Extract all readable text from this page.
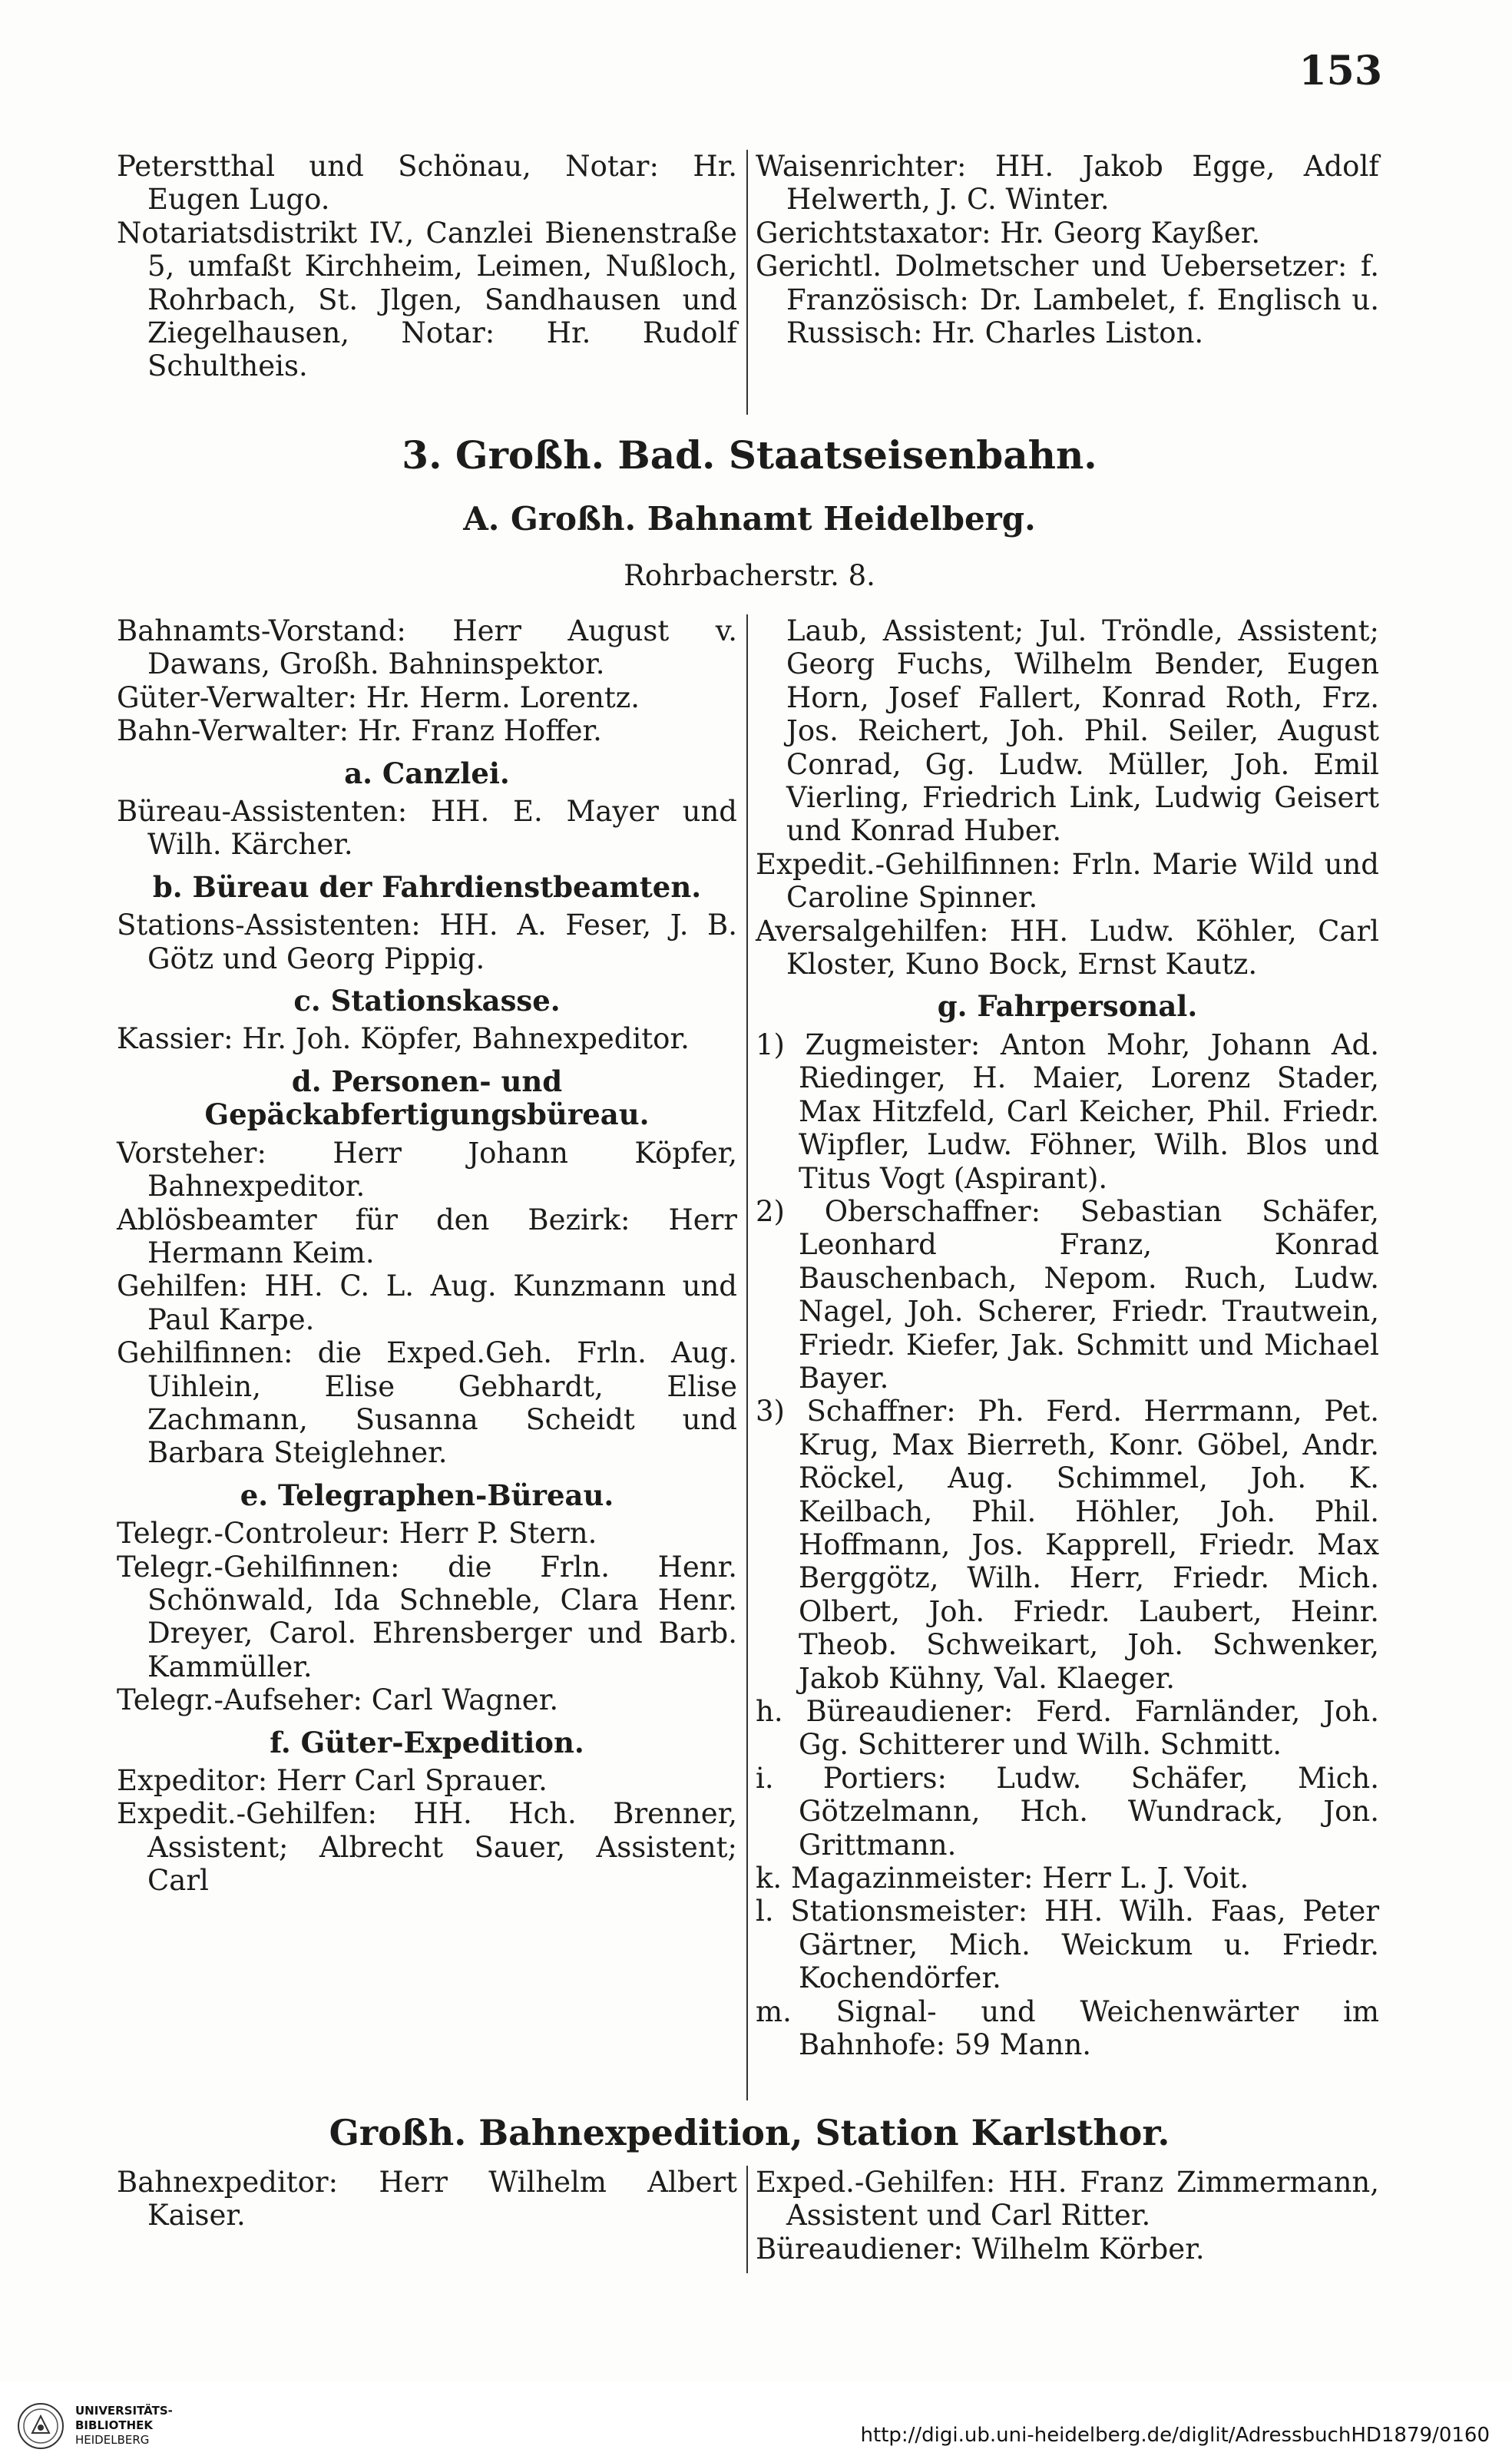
153

Peterstthal und Schönau, Notar: Hr. Eugen Lugo.

Notariatsdistrikt IV., Canzlei Bienenstraße 5, umfaßt Kirchheim, Leimen, Nußloch, Rohrbach, St. Jlgen, Sandhausen und Ziegelhausen, Notar: Hr. Rudolf Schultheis.

Waisenrichter: HH. Jakob Egge, Adolf Helwerth, J. C. Winter.

Gerichtstaxator: Hr. Georg Kayßer.

Gerichtl. Dolmetscher und Uebersetzer: f. Französisch: Dr. Lambelet, f. Englisch u. Russisch: Hr. Charles Liston.

3. Großh. Bad. Staatseisenbahn.
A. Großh. Bahnamt Heidelberg.
Rohrbacherstr. 8.

Bahnamts-Vorstand: Herr August v. Dawans, Großh. Bahninspektor.

Güter-Verwalter: Hr. Herm. Lorentz.

Bahn-Verwalter: Hr. Franz Hoffer.

a. Canzlei.

Büreau-Assistenten: HH. E. Mayer und Wilh. Kärcher.

b. Büreau der Fahrdienstbeamten.

Stations-Assistenten: HH. A. Feser, J. B. Götz und Georg Pippig.

c. Stationskasse.

Kassier: Hr. Joh. Köpfer, Bahnexpeditor.

d. Personen- und Gepäckabfertigungsbüreau.

Vorsteher: Herr Johann Köpfer, Bahnexpeditor.

Ablösbeamter für den Bezirk: Herr Hermann Keim.

Gehilfen: HH. C. L. Aug. Kunzmann und Paul Karpe.

Gehilfinnen: die Exped.Geh. Frln. Aug. Uihlein, Elise Gebhardt, Elise Zachmann, Susanna Scheidt und Barbara Steiglehner.

e. Telegraphen-Büreau.

Telegr.-Controleur: Herr P. Stern.

Telegr.-Gehilfinnen: die Frln. Henr. Schönwald, Ida Schneble, Clara Henr. Dreyer, Carol. Ehrensberger und Barb. Kammüller.

Telegr.-Aufseher: Carl Wagner.

f. Güter-Expedition.

Expeditor: Herr Carl Sprauer.

Expedit.-Gehilfen: HH. Hch. Brenner, Assistent; Albrecht Sauer, Assistent; Carl

Laub, Assistent; Jul. Tröndle, Assistent; Georg Fuchs, Wilhelm Bender, Eugen Horn, Josef Fallert, Konrad Roth, Frz. Jos. Reichert, Joh. Phil. Seiler, August Conrad, Gg. Ludw. Müller, Joh. Emil Vierling, Friedrich Link, Ludwig Geisert und Konrad Huber.

Expedit.-Gehilfinnen: Frln. Marie Wild und Caroline Spinner.

Aversalgehilfen: HH. Ludw. Köhler, Carl Kloster, Kuno Bock, Ernst Kautz.

g. Fahrpersonal.

1) Zugmeister: Anton Mohr, Johann Ad. Riedinger, H. Maier, Lorenz Stader, Max Hitzfeld, Carl Keicher, Phil. Friedr. Wipfler, Ludw. Föhner, Wilh. Blos und Titus Vogt (Aspirant).

2) Oberschaffner: Sebastian Schäfer, Leonhard Franz, Konrad Bauschenbach, Nepom. Ruch, Ludw. Nagel, Joh. Scherer, Friedr. Trautwein, Friedr. Kiefer, Jak. Schmitt und Michael Bayer.

3) Schaffner: Ph. Ferd. Herrmann, Pet. Krug, Max Bierreth, Konr. Göbel, Andr. Röckel, Aug. Schimmel, Joh. K. Keilbach, Phil. Höhler, Joh. Phil. Hoffmann, Jos. Kapprell, Friedr. Max Berggötz, Wilh. Herr, Friedr. Mich. Olbert, Joh. Friedr. Laubert, Heinr. Theob. Schweikart, Joh. Schwenker, Jakob Kühny, Val. Klaeger.

h. Büreaudiener: Ferd. Farnländer, Joh. Gg. Schitterer und Wilh. Schmitt.

i. Portiers: Ludw. Schäfer, Mich. Götzelmann, Hch. Wundrack, Jon. Grittmann.

k. Magazinmeister: Herr L. J. Voit.

l. Stationsmeister: HH. Wilh. Faas, Peter Gärtner, Mich. Weickum u. Friedr. Kochendörfer.

m. Signal- und Weichenwärter im Bahnhofe: 59 Mann.

Großh. Bahnexpedition, Station Karlsthor.

Bahnexpeditor: Herr Wilhelm Albert Kaiser.

Exped.-Gehilfen: HH. Franz Zimmermann, Assistent und Carl Ritter.

Büreaudiener: Wilhelm Körber.

UNIVERSITÄTS-
BIBLIOTHEK
HEIDELBERG	http://digi.ub.uni-heidelberg.de/diglit/AdressbuchHD1879/0160
